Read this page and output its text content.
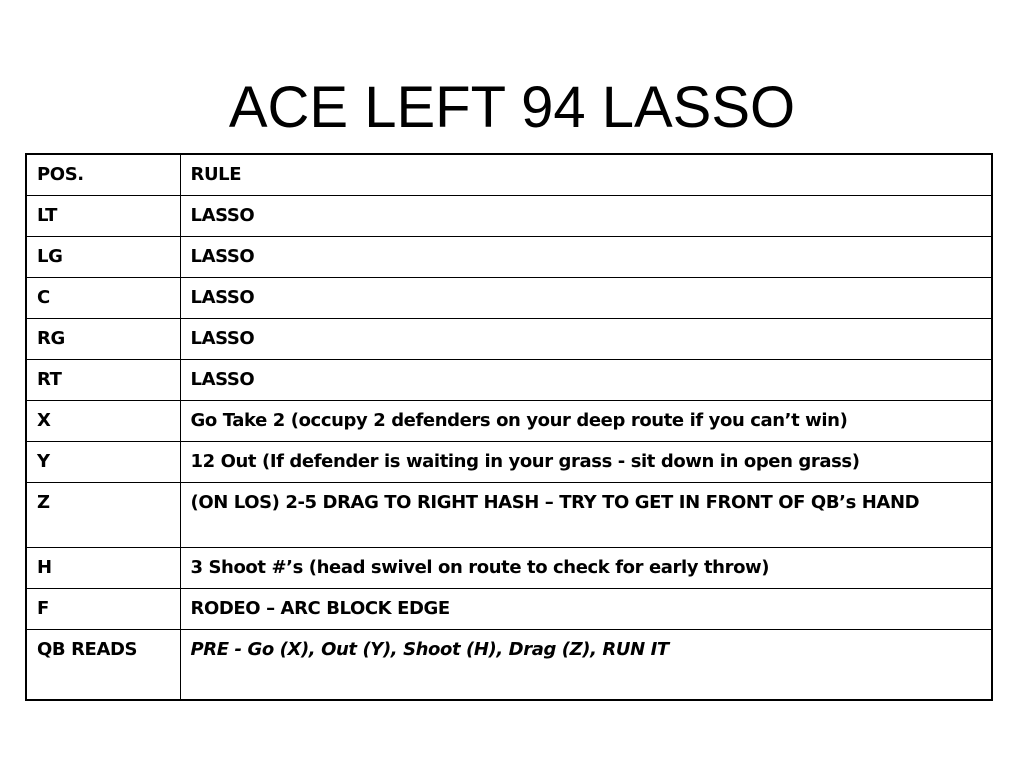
ACE LEFT 94 LASSO
POS.	RULE
LT	LASSO
LG	LASSO
C	LASSO
RG	LASSO
RT	LASSO
X	Go Take 2 (occupy 2 defenders on your deep route if you can’t win)
Y	12 Out (If defender is waiting in your grass - sit down in open grass)
Z	(ON LOS) 2-5 DRAG TO RIGHT HASH – TRY TO GET IN FRONT OF QB’s HAND
H	3 Shoot #’s (head swivel on route to check for early throw)
F	RODEO – ARC BLOCK EDGE
QB READS	PRE - Go (X), Out (Y), Shoot (H), Drag (Z), RUN IT
